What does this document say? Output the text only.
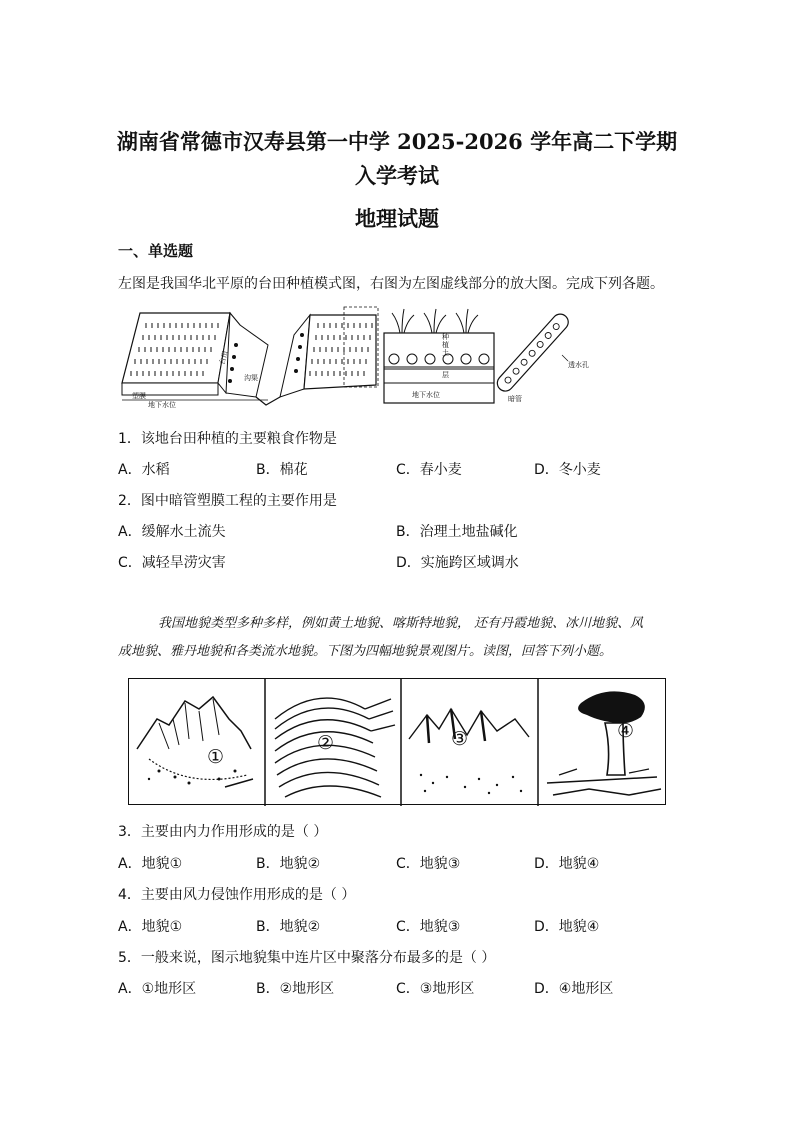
湖南省常德市汉寿县第一中学 2025-2026 学年高二下学期
入学考试
地理试题
一、单选题
左图是我国华北平原的台田种植模式图，右图为左图虚线部分的放大图。完成下列各题。
台田
沟渠
塑膜
地下水位
种
植
土
层
地下水位
透水孔
暗管
1．该地台田种植的主要粮食作物是
A．水稻	B．棉花	C．春小麦	D．冬小麦
2．图中暗管塑膜工程的主要作用是
A．缓解水土流失	B．治理土地盐碱化
C．减轻旱涝灾害	D．实施跨区域调水
我国地貌类型多种多样，例如黄土地貌、喀斯特地貌， 还有丹霞地貌、冰川地貌、风
成地貌、雅丹地貌和各类流水地貌。下图为四幅地貌景观图片。读图，回答下列小题。
①
②	③	④
3．主要由内力作用形成的是（ ）
A．地貌①	B．地貌②	C．地貌③	D．地貌④
4．主要由风力侵蚀作用形成的是（ ）
A．地貌①	B．地貌②	C．地貌③	D．地貌④
5．一般来说，图示地貌集中连片区中聚落分布最多的是（ ）
A．①地形区	B．②地形区	C．③地形区	D．④地形区
